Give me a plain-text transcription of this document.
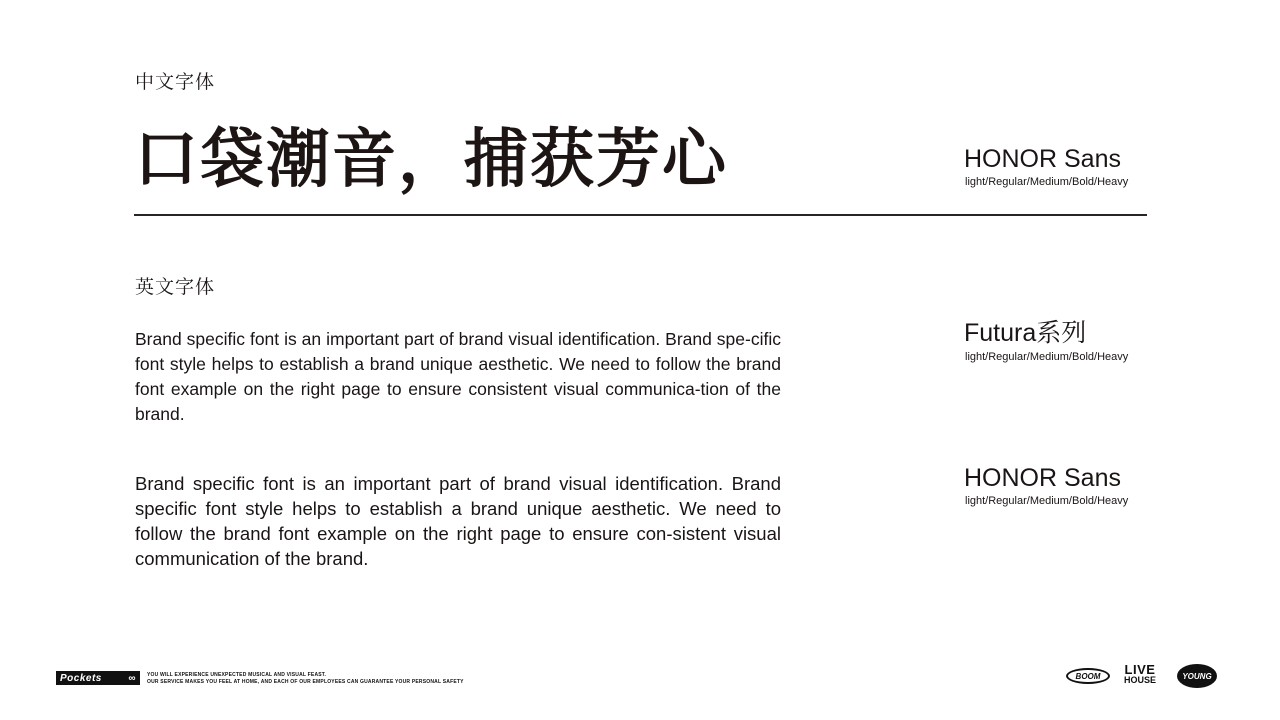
中文字体
口袋潮音，捕获芳心	HONOR Sans
light/Regular/Medium/Bold/Heavy
英文字体
Brand specific font is an important part of brand visual identification. Brand spe-cific font style helps to establish a brand unique aesthetic. We need to follow the brand font example on the right page to ensure consistent visual communica-tion of the brand.
Futura系列
light/Regular/Medium/Bold/Heavy
Brand specific font is an important part of brand visual identification. Brand specific font style helps to establish a brand unique aesthetic. We need to follow the brand font example on the right page to ensure con-sistent visual communication of the brand.
HONOR Sans
light/Regular/Medium/Bold/Heavy
Pockets	∞ YOU WILL EXPERIENCE UNEXPECTED MUSICAL AND VISUAL FEAST.
OUR SERVICE MAKES YOU FEEL AT HOME, AND EACH OF OUR EMPLOYEES CAN GUARANTEE YOUR PERSONAL SAFETY
BOOM	LIVE
HOUSE	YOUNG
